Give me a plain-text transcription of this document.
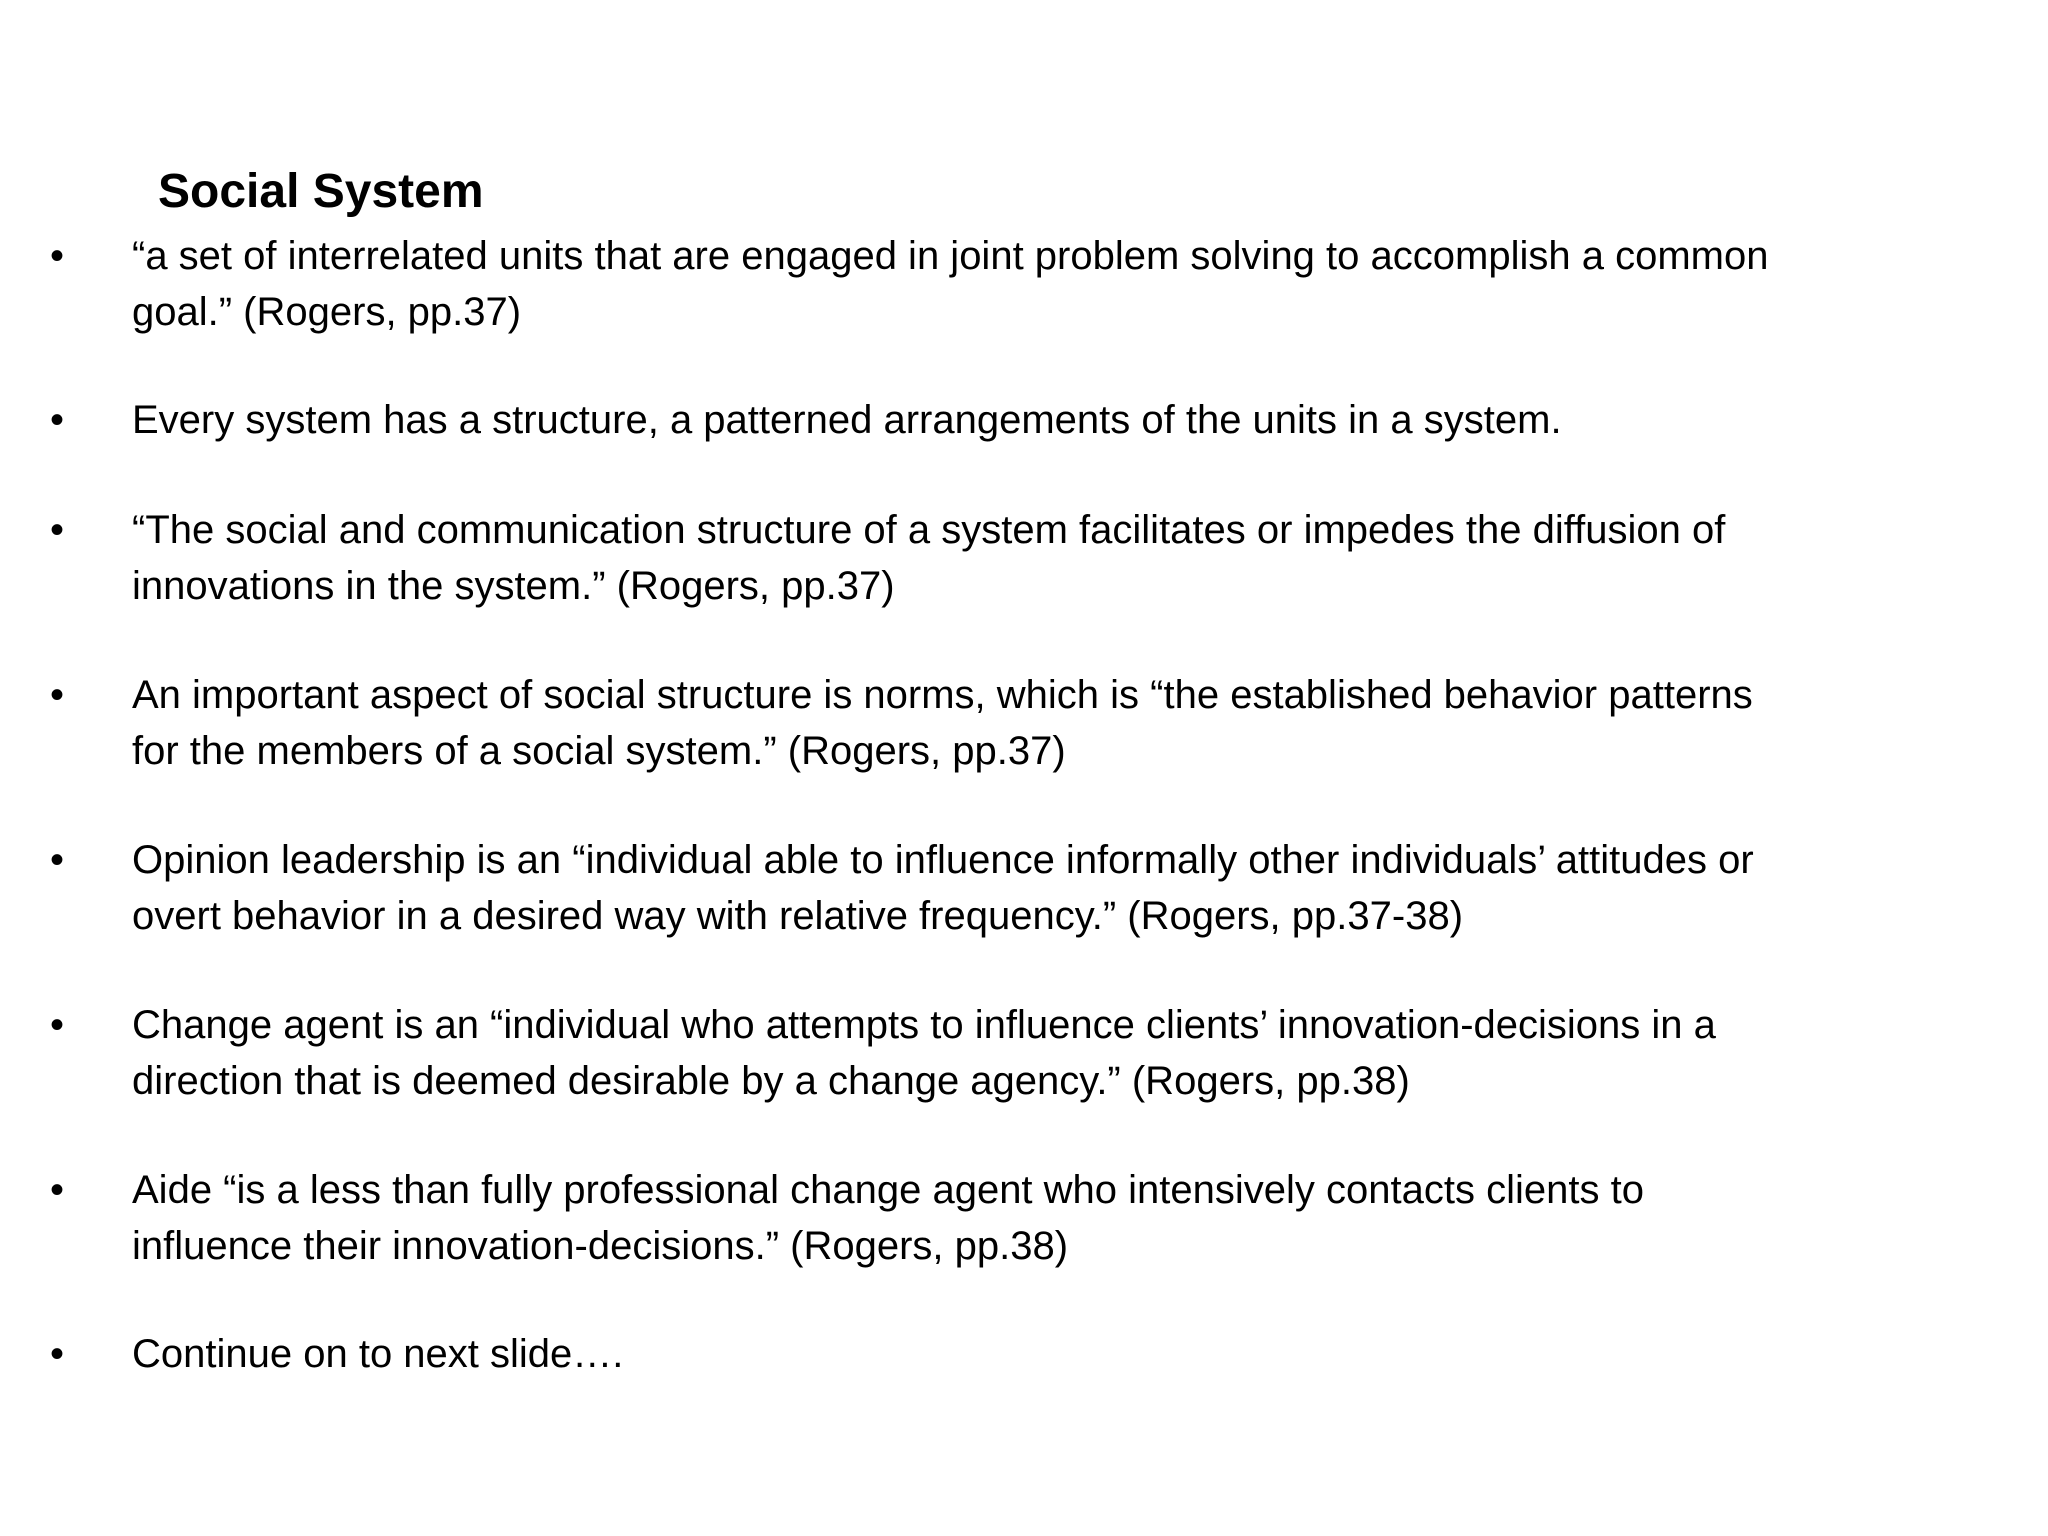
Social System
• “a set of interrelated units that are engaged in joint problem solving to accomplish a common
goal.” (Rogers, pp.37)
• Every system has a structure, a patterned arrangements of the units in a system.
• “The social and communication structure of a system facilitates or impedes the diffusion of
innovations in the system.” (Rogers, pp.37)
• An important aspect of social structure is norms, which is “the established behavior patterns
for the members of a social system.” (Rogers, pp.37)
• Opinion leadership is an “individual able to influence informally other individuals’ attitudes or
overt behavior in a desired way with relative frequency.” (Rogers, pp.37-38)
• Change agent is an “individual who attempts to influence clients’ innovation-decisions in a
direction that is deemed desirable by a change agency.” (Rogers, pp.38)
• Aide “is a less than fully professional change agent who intensively contacts clients to
influence their innovation-decisions.” (Rogers, pp.38)
• Continue on to next slide….
